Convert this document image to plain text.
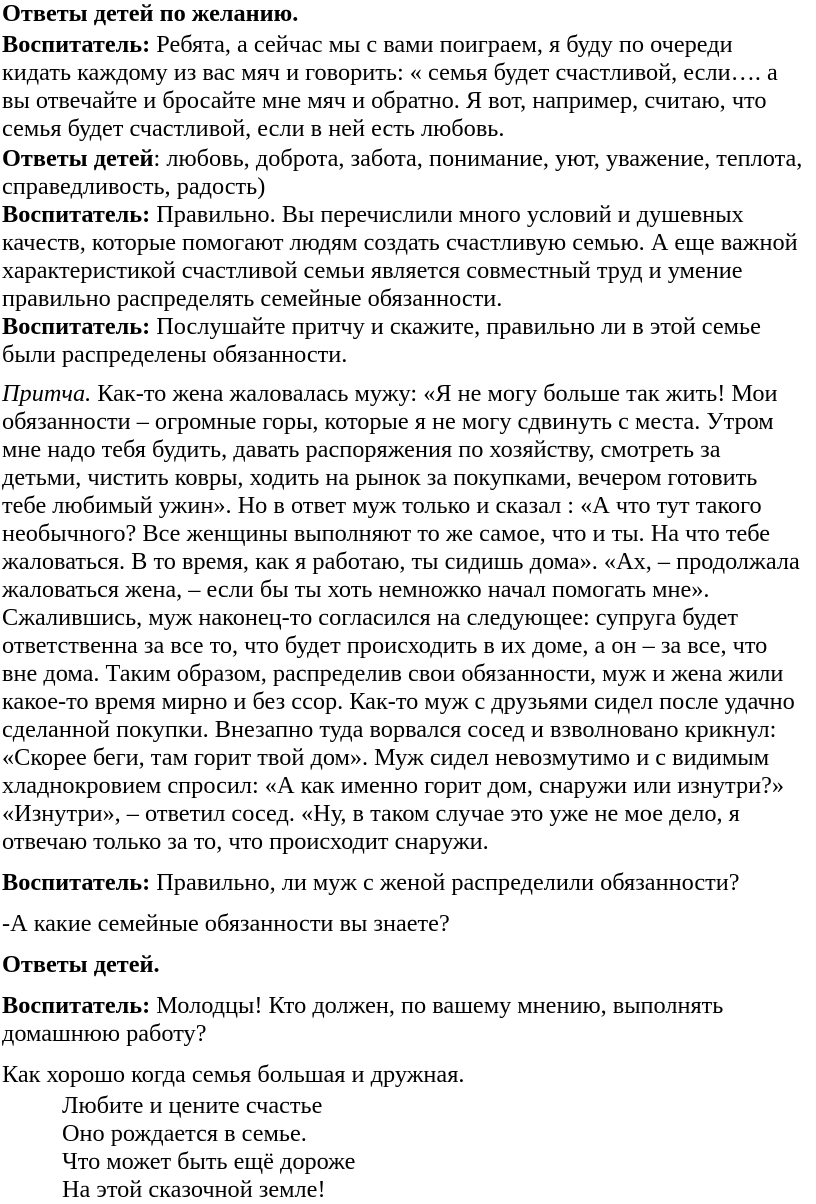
Ответы детей по желанию.

Воспитатель: Ребята, а сейчас мы с вами поиграем, я буду по очереди

кидать каждому из вас мяч и говорить: « семья будет счастливой, если…. а

вы отвечайте и бросайте мне мяч и обратно. Я вот, например, считаю, что

семья будет счастливой, если в ней есть любовь.

Ответы детей: любовь, доброта, забота, понимание, уют, уважение, теплота,

справедливость, радость)

Воспитатель: Правильно. Вы перечислили много условий и душевных

качеств, которые помогают людям создать счастливую семью. А еще важной

характеристикой счастливой семьи является совместный труд и умение

правильно распределять семейные обязанности.

Воспитатель: Послушайте притчу и скажите, правильно ли в этой семье

были распределены обязанности.

Притча. Как-то жена жаловалась мужу: «Я не могу больше так жить! Мои

обязанности – огромные горы, которые я не могу сдвинуть с места. Утром

мне надо тебя будить, давать распоряжения по хозяйству, смотреть за

детьми, чистить ковры, ходить на рынок за покупками, вечером готовить

тебе любимый ужин». Но в ответ муж только и сказал : «А что тут такого

необычного? Все женщины выполняют то же самое, что и ты. На что тебе

жаловаться. В то время, как я работаю, ты сидишь дома». «Ах, – продолжала

жаловаться жена, – если бы ты хоть немножко начал помогать мне».

Сжалившись, муж наконец-то согласился на следующее: супруга будет

ответственна за все то, что будет происходить в их доме, а он – за все, что

вне дома. Таким образом, распределив свои обязанности, муж и жена жили

какое-то время мирно и без ссор. Как-то муж с друзьями сидел после удачно

сделанной покупки. Внезапно туда ворвался сосед и взволновано крикнул:

«Скорее беги, там горит твой дом». Муж сидел невозмутимо и с видимым

хладнокровием спросил: «А как именно горит дом, снаружи или изнутри?»

«Изнутри», – ответил сосед. «Ну, в таком случае это уже не мое дело, я

отвечаю только за то, что происходит снаружи.

Воспитатель: Правильно, ли муж с женой распределили обязанности?

-А какие семейные обязанности вы знаете?

Ответы детей.

Воспитатель: Молодцы! Кто должен, по вашему мнению, выполнять

домашнюю работу?

Как хорошо когда семья большая и дружная.

Любите и цените счастье

Оно рождается в семье.

Что может быть ещё дороже

На этой сказочной земле!
